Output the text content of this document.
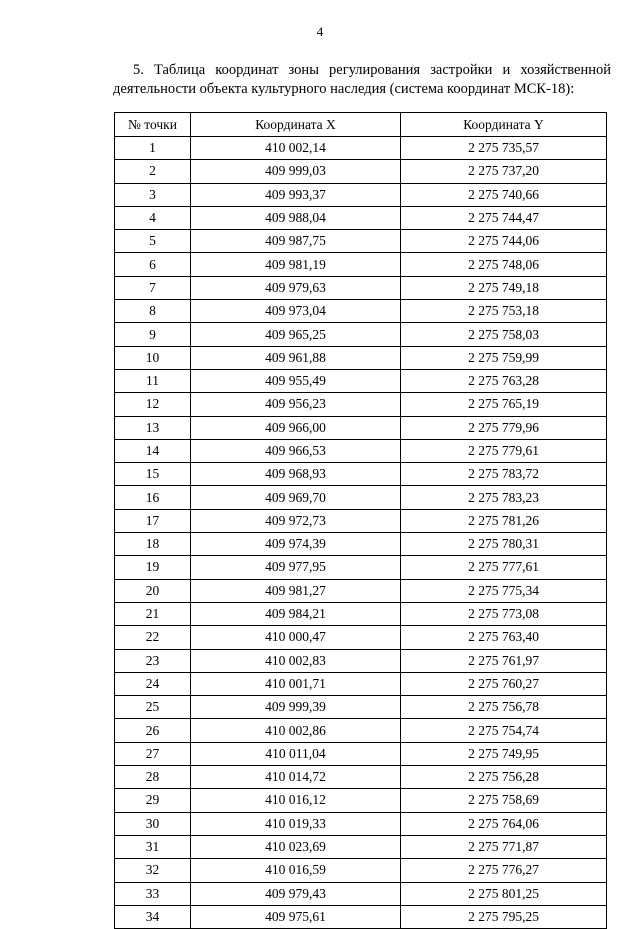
4

5. Таблица координат зоны регулирования застройки и хозяйственной
деятельности объекта культурного наследия (система координат МСК-18):

№ точки	Координата X	Координата Y
1	410 002,14	2 275 735,57
2	409 999,03	2 275 737,20
3	409 993,37	2 275 740,66
4	409 988,04	2 275 744,47
5	409 987,75	2 275 744,06
6	409 981,19	2 275 748,06
7	409 979,63	2 275 749,18
8	409 973,04	2 275 753,18
9	409 965,25	2 275 758,03
10	409 961,88	2 275 759,99
11	409 955,49	2 275 763,28
12	409 956,23	2 275 765,19
13	409 966,00	2 275 779,96
14	409 966,53	2 275 779,61
15	409 968,93	2 275 783,72
16	409 969,70	2 275 783,23
17	409 972,73	2 275 781,26
18	409 974,39	2 275 780,31
19	409 977,95	2 275 777,61
20	409 981,27	2 275 775,34
21	409 984,21	2 275 773,08
22	410 000,47	2 275 763,40
23	410 002,83	2 275 761,97
24	410 001,71	2 275 760,27
25	409 999,39	2 275 756,78
26	410 002,86	2 275 754,74
27	410 011,04	2 275 749,95
28	410 014,72	2 275 756,28
29	410 016,12	2 275 758,69
30	410 019,33	2 275 764,06
31	410 023,69	2 275 771,87
32	410 016,59	2 275 776,27
33	409 979,43	2 275 801,25
34	409 975,61	2 275 795,25
